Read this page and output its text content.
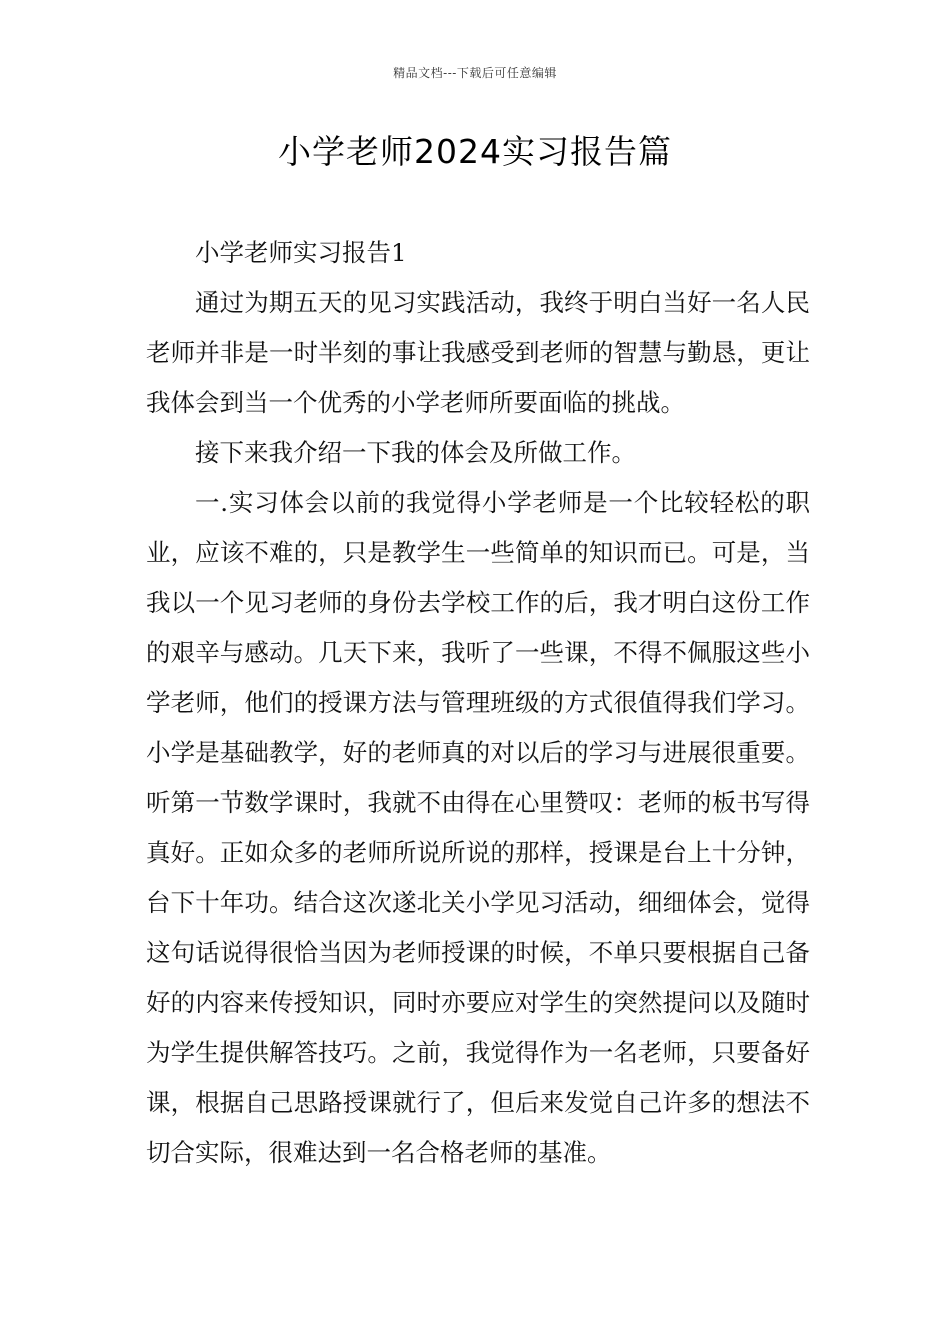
精品文档---下载后可任意编辑
小学老师2024实习报告篇

小学老师实习报告1

通过为期五天的见习实践活动，我终于明白当好一名人民老师并非是一时半刻的事让我感受到老师的智慧与勤恳，更让我体会到当一个优秀的小学老师所要面临的挑战。

接下来我介绍一下我的体会及所做工作。

一.实习体会以前的我觉得小学老师是一个比较轻松的职业，应该不难的，只是教学生一些简单的知识而已。可是，当我以一个见习老师的身份去学校工作的后，我才明白这份工作的艰辛与感动。几天下来，我听了一些课，不得不佩服这些小学老师，他们的授课方法与管理班级的方式很值得我们学习。小学是基础教学，好的老师真的对以后的学习与进展很重要。听第一节数学课时，我就不由得在心里赞叹：老师的板书写得真好。正如众多的老师所说所说的那样，授课是台上十分钟，台下十年功。结合这次遂北关小学见习活动，细细体会，觉得这句话说得很恰当因为老师授课的时候，不单只要根据自己备好的内容来传授知识，同时亦要应对学生的突然提问以及随时为学生提供解答技巧。之前，我觉得作为一名老师，只要备好课，根据自己思路授课就行了，但后来发觉自己许多的想法不切合实际，很难达到一名合格老师的基准。
